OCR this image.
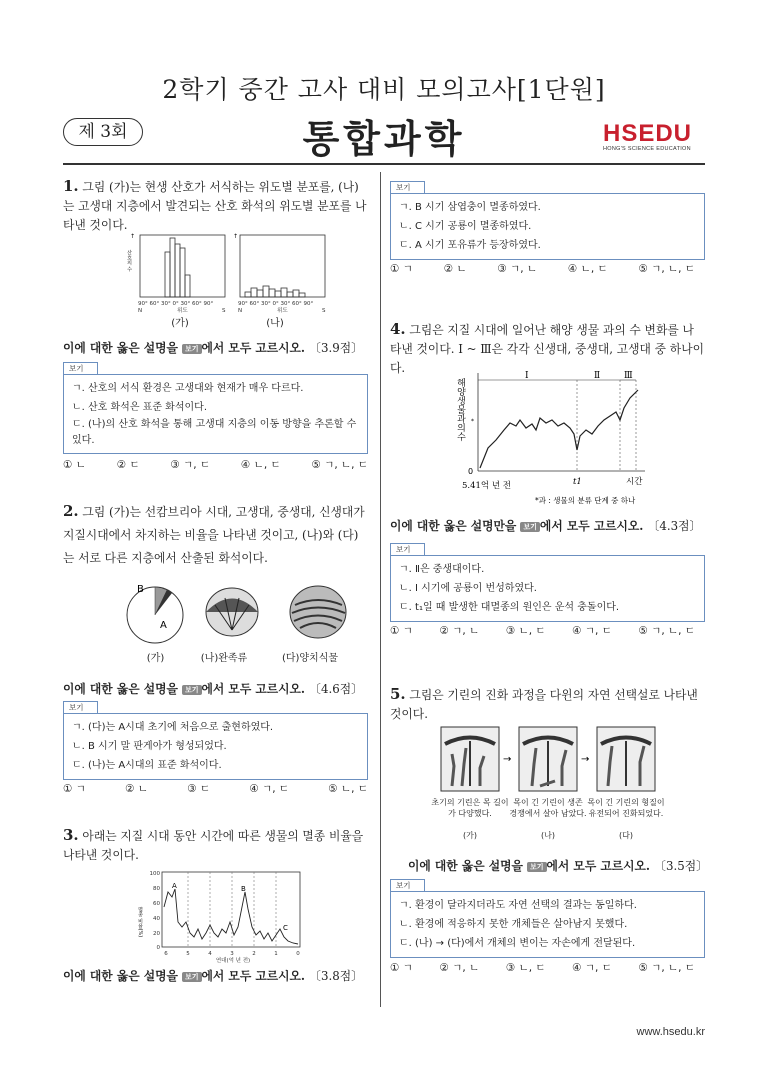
2학기 중간 고사 대비 모의고사[1단원]
제 3회	통합과학	HSEDU
HONG'S SCIENCE EDUCATION
1. 그림 (가)는 현생 산호가 서식하는 위도별 분포를, (나)는 고생대 지층에서 발견되는 산호 화석의 위도별 분포를 나타낸 것이다.
↑
산호의 수
↑
90° 60° 30° 0° 30° 60° 90°	90° 60° 30° 0° 30° 60° 90°
N	S N	S
위도	위도
(가)	(나)
이에 대한 옳은 설명을 보기 에서 모두 고르시오. 〔3.9점〕
보기
ㄱ. 산호의 서식 환경은 고생대와 현재가 매우 다르다.
ㄴ. 산호 화석은 표준 화석이다.
ㄷ. (나)의 산호 화석을 통해 고생대 지층의 이동 방향을 추론할 수 있다.
① ㄴ	② ㄷ	③ ㄱ, ㄷ	④ ㄴ, ㄷ	⑤ ㄱ, ㄴ, ㄷ
2. 그림 (가)는 선캄브리아 시대, 고생대, 중생대, 신생대가 지질시대에서 차지하는 비율을 나타낸 것이고, (나)와 (다)는 서로 다른 지층에서 산출된 화석이다.
B
A
(가)	(나)완족류	(다)양치식물
이에 대한 옳은 설명을 보기 에서 모두 고르시오. 〔4.6점〕
보기
ㄱ. (다)는 A시대 초기에 처음으로 출현하였다.
ㄴ. B 시기 말 판게아가 형성되었다.
ㄷ. (나)는 A시대의 표준 화석이다.
① ㄱ	② ㄴ	③ ㄷ	④ ㄱ, ㄷ	⑤ ㄴ, ㄷ
3. 아래는 지질 시대 동안 시간에 따른 생물의 멸종 비율을 나타낸 것이다.
멸종 비율(%)
100
80
60
40
20
0
6	5	4	3	2	1	0
연대(억 년 전)
A	B
C
이에 대한 옳은 설명을 보기 에서 모두 고르시오. 〔3.8점〕
보기
ㄱ. B 시기 삼엽충이 멸종하였다.
ㄴ. C 시기 공룡이 멸종하였다.
ㄷ. A 시기 포유류가 등장하였다.
① ㄱ	② ㄴ	③ ㄱ, ㄴ	④ ㄴ, ㄷ	⑤ ㄱ, ㄴ, ㄷ
4. 그림은 지질 시대에 일어난 해양 생물 과의 수 변화를 나타낸 것이다. Ⅰ ~ Ⅲ은 각각 신생대, 중생대, 고생대 중 하나이다.
해양생물과의수 *
0
Ⅰ	Ⅱ	Ⅲ
5.41억 년 전	t1	시간
*과 : 생물의 분류 단계 중 하나
이에 대한 옳은 설명만을 보기 에서 모두 고르시오. 〔4.3점〕
보기
ㄱ. Ⅱ은 중생대이다.
ㄴ. Ⅰ 시기에 공룡이 번성하였다.
ㄷ. t₁일 때 발생한 대멸종의 원인은 운석 충돌이다.
① ㄱ	② ㄱ, ㄴ	③ ㄴ, ㄷ	④ ㄱ, ㄷ	⑤ ㄱ, ㄴ, ㄷ
5. 그림은 기린의 진화 과정을 다윈의 자연 선택설로 나타낸 것이다.
→	→
초기의 기린은 목 길이가 다양했다.
목이 긴 기린이 생존 경쟁에서 살아 남았다.
목이 긴 기린의 형질이 유전되어 진화되었다.
(가)	(나)	(다)
이에 대한 옳은 설명을 보기 에서 모두 고르시오. 〔3.5점〕
보기
ㄱ. 환경이 달라지더라도 자연 선택의 결과는 동일하다.
ㄴ. 환경에 적응하지 못한 개체들은 살아남지 못했다.
ㄷ. (나) → (다)에서 개체의 변이는 자손에게 전달된다.
① ㄱ	② ㄱ, ㄴ	③ ㄴ, ㄷ	④ ㄱ, ㄷ	⑤ ㄱ, ㄴ, ㄷ
www.hsedu.kr
